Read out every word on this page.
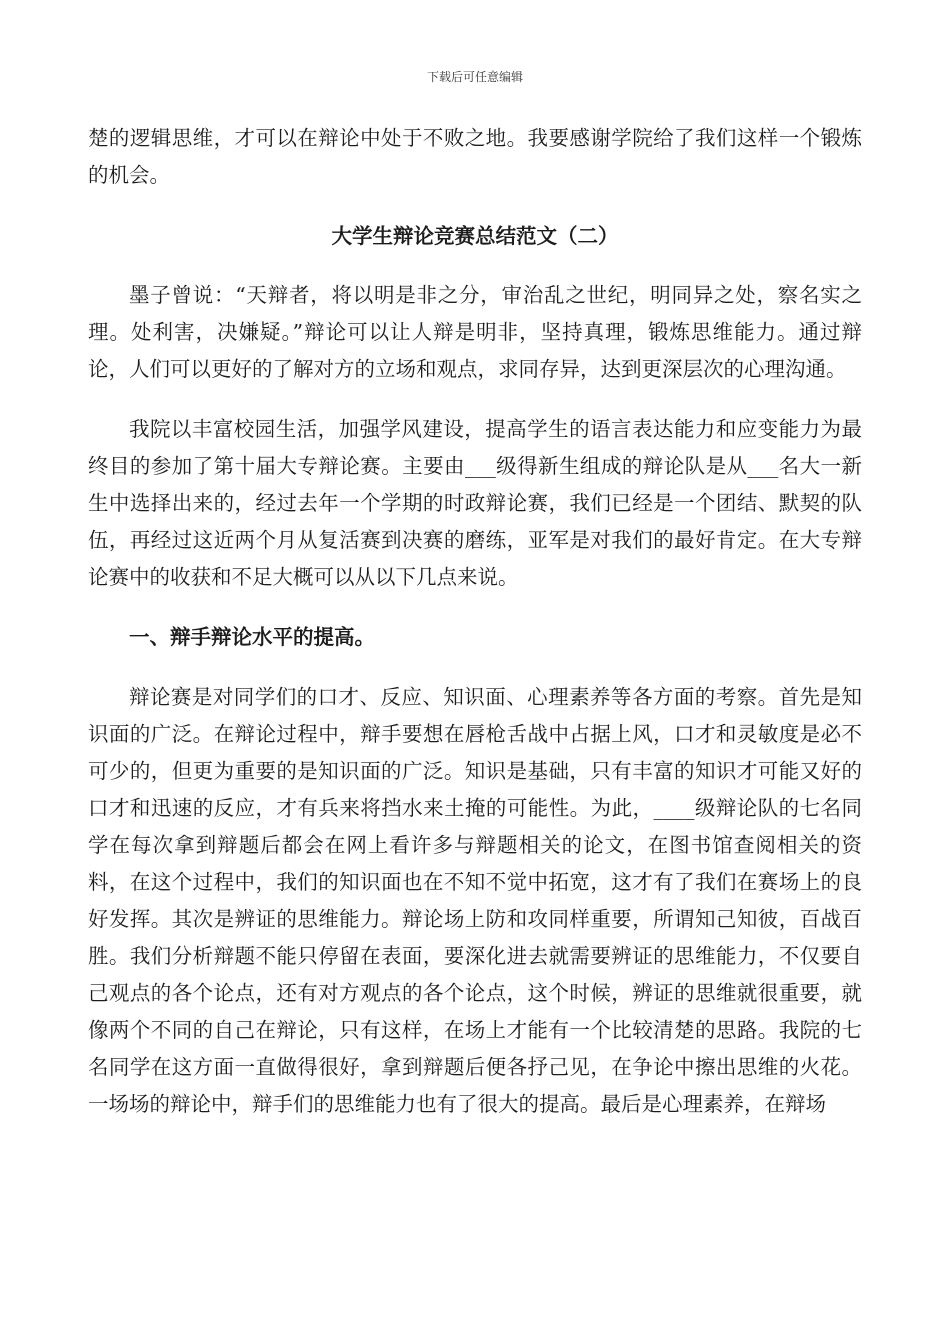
下载后可任意编辑

楚的逻辑思维，才可以在辩论中处于不败之地。我要感谢学院给了我们这样一个锻炼的机会。

大学生辩论竞赛总结范文（二）

墨子曾说：“天辩者，将以明是非之分，审治乱之世纪，明同异之处，察名实之理。处利害，决嫌疑。”辩论可以让人辩是明非，坚持真理，锻炼思维能力。通过辩论，人们可以更好的了解对方的立场和观点，求同存异，达到更深层次的心理沟通。

我院以丰富校园生活，加强学风建设，提高学生的语言表达能力和应变能力为最终目的参加了第十届大专辩论赛。主要由___级得新生组成的辩论队是从___名大一新生中选择出来的，经过去年一个学期的时政辩论赛，我们已经是一个团结、默契的队伍，再经过这近两个月从复活赛到决赛的磨练，亚军是对我们的最好肯定。在大专辩论赛中的收获和不足大概可以从以下几点来说。

一、辩手辩论水平的提高。

辩论赛是对同学们的口才、反应、知识面、心理素养等各方面的考察。首先是知识面的广泛。在辩论过程中，辩手要想在唇枪舌战中占据上风，口才和灵敏度是必不可少的，但更为重要的是知识面的广泛。知识是基础，只有丰富的知识才可能又好的口才和迅速的反应，才有兵来将挡水来土掩的可能性。为此，____级辩论队的七名同学在每次拿到辩题后都会在网上看许多与辩题相关的论文，在图书馆查阅相关的资料，在这个过程中，我们的知识面也在不知不觉中拓宽，这才有了我们在赛场上的良好发挥。其次是辨证的思维能力。辩论场上防和攻同样重要，所谓知己知彼，百战百胜。我们分析辩题不能只停留在表面，要深化进去就需要辨证的思维能力，不仅要自己观点的各个论点，还有对方观点的各个论点，这个时候，辨证的思维就很重要，就像两个不同的自己在辩论，只有这样，在场上才能有一个比较清楚的思路。我院的七名同学在这方面一直做得很好，拿到辩题后便各抒己见，在争论中擦出思维的火花。一场场的辩论中，辩手们的思维能力也有了很大的提高。最后是心理素养，在辩场
